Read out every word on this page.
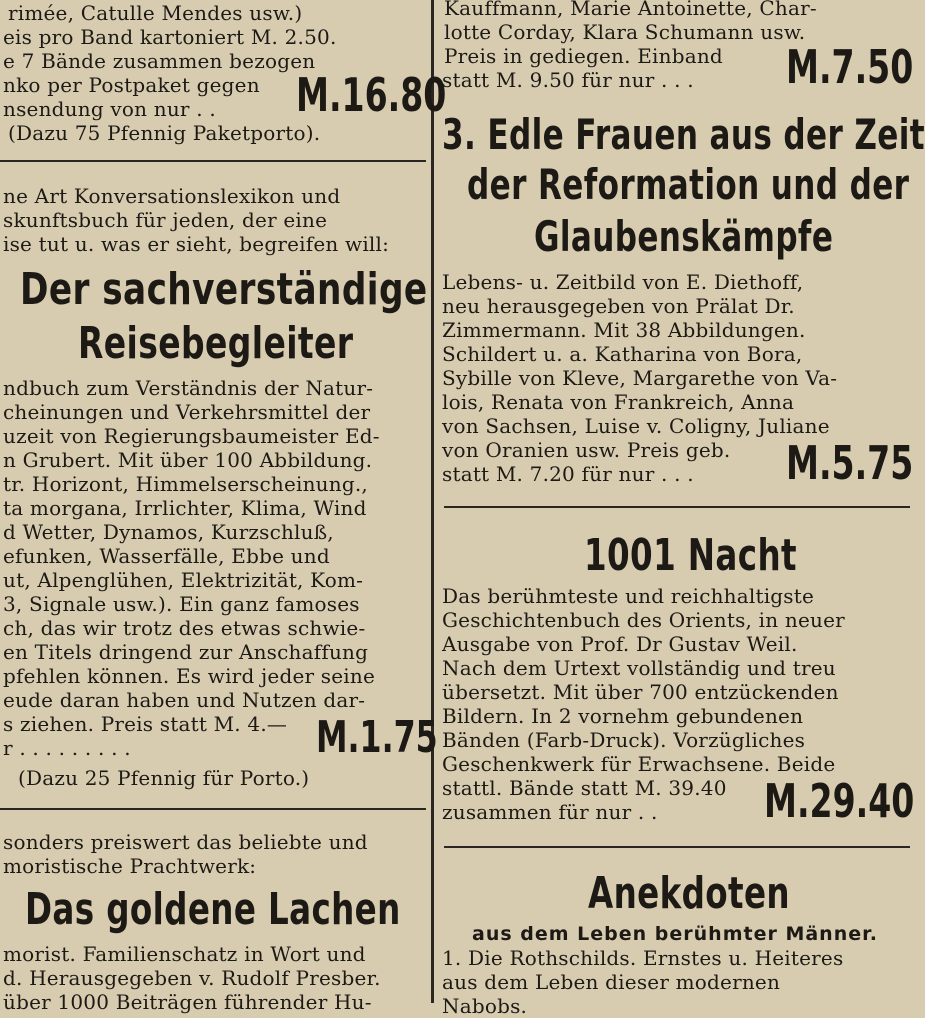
rimée, Catulle Mendes usw.)
eis pro Band kartoniert M. 2.50.
e 7 Bände zusammen bezogen
nko per Postpaket gegen
nsendung von nur . . M.16.80
(Dazu 75 Pfennig Paketporto).
ne Art Konversationslexikon und
skunftsbuch für jeden, der eine
ise tut u. was er sieht, begreifen will:
Der sachverständige
Reisebegleiter
ndbuch zum Verständnis der Natur-
cheinungen und Verkehrsmittel der
uzeit von Regierungsbaumeister Ed-
n Grubert. Mit über 100 Abbildung.
tr. Horizont, Himmelserscheinung.,
ta morgana, Irrlichter, Klima, Wind
d Wetter, Dynamos, Kurzschluß,
efunken, Wasserfälle, Ebbe und
ut, Alpenglühen, Elektrizität, Kom-
3, Signale usw.). Ein ganz famoses
ch, das wir trotz des etwas schwie-
en Titels dringend zur Anschaffung
pfehlen können. Es wird jeder seine
eude daran haben und Nutzen dar-
s ziehen. Preis statt M. 4.—
r . . . . . . . . .	M.1.75
(Dazu 25 Pfennig für Porto.)
sonders preiswert das beliebte und
moristische Prachtwerk:
Das goldene Lachen
morist. Familienschatz in Wort und
d. Herausgegeben v. Rudolf Presber.
über 1000 Beiträgen führender Hu-
Kauffmann, Marie Antoinette, Char-
lotte Corday, Klara Schumann usw.
Preis in gediegen. Einband
statt M. 9.50 für nur . . . M.7.50
3. Edle Frauen aus der Zeit
der Reformation und der
Glaubenskämpfe
Lebens- u. Zeitbild von E. Diethoff,
neu herausgegeben von Prälat Dr.
Zimmermann. Mit 38 Abbildungen.
Schildert u. a. Katharina von Bora,
Sybille von Kleve, Margarethe von Va-
lois, Renata von Frankreich, Anna
von Sachsen, Luise v. Coligny, Juliane
von Oranien usw. Preis geb.
statt M. 7.20 für nur . . . M.5.75
1001 Nacht
Das berühmteste und reichhaltigste
Geschichtenbuch des Orients, in neuer
Ausgabe von Prof. Dr Gustav Weil.
Nach dem Urtext vollständig und treu
übersetzt. Mit über 700 entzückenden
Bildern. In 2 vornehm gebundenen
Bänden (Farb-Druck). Vorzügliches
Geschenkwerk für Erwachsene. Beide
stattl. Bände statt M. 39.40
zusammen für nur . . M.29.40
Anekdoten
aus dem Leben berühmter Männer.
1. Die Rothschilds. Ernstes u. Heiteres
aus dem Leben dieser modernen
Nabobs.
